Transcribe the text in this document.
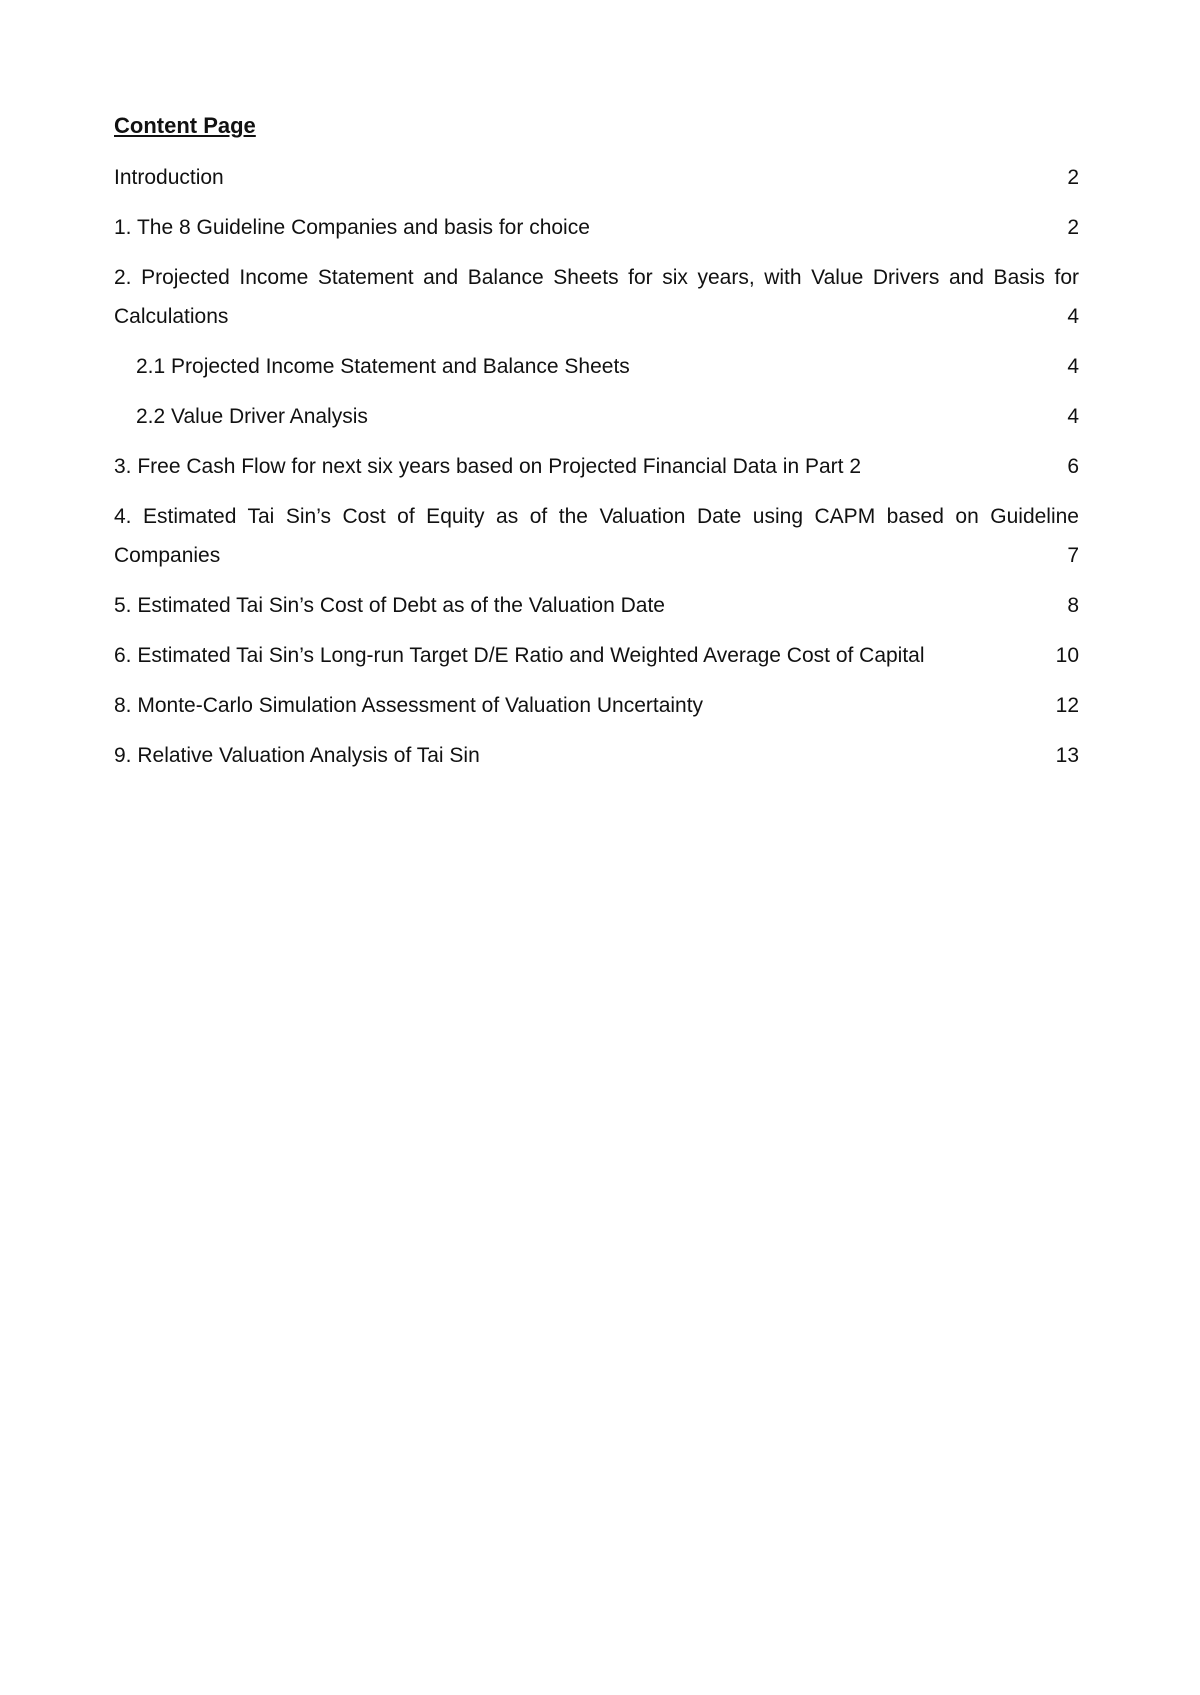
Content Page
Introduction	2
1. The 8 Guideline Companies and basis for choice	2
2. Projected Income Statement and Balance Sheets for six years, with Value Drivers and Basis for
Calculations	4
2.1 Projected Income Statement and Balance Sheets	4
2.2 Value Driver Analysis	4
3. Free Cash Flow for next six years based on Projected Financial Data in Part 2	6
4. Estimated Tai Sin’s Cost of Equity as of the Valuation Date using CAPM based on Guideline
Companies	7
5. Estimated Tai Sin’s Cost of Debt as of the Valuation Date	8
6. Estimated Tai Sin’s Long-run Target D/E Ratio and Weighted Average Cost of Capital	10
8. Monte-Carlo Simulation Assessment of Valuation Uncertainty	12
9. Relative Valuation Analysis of Tai Sin	13
